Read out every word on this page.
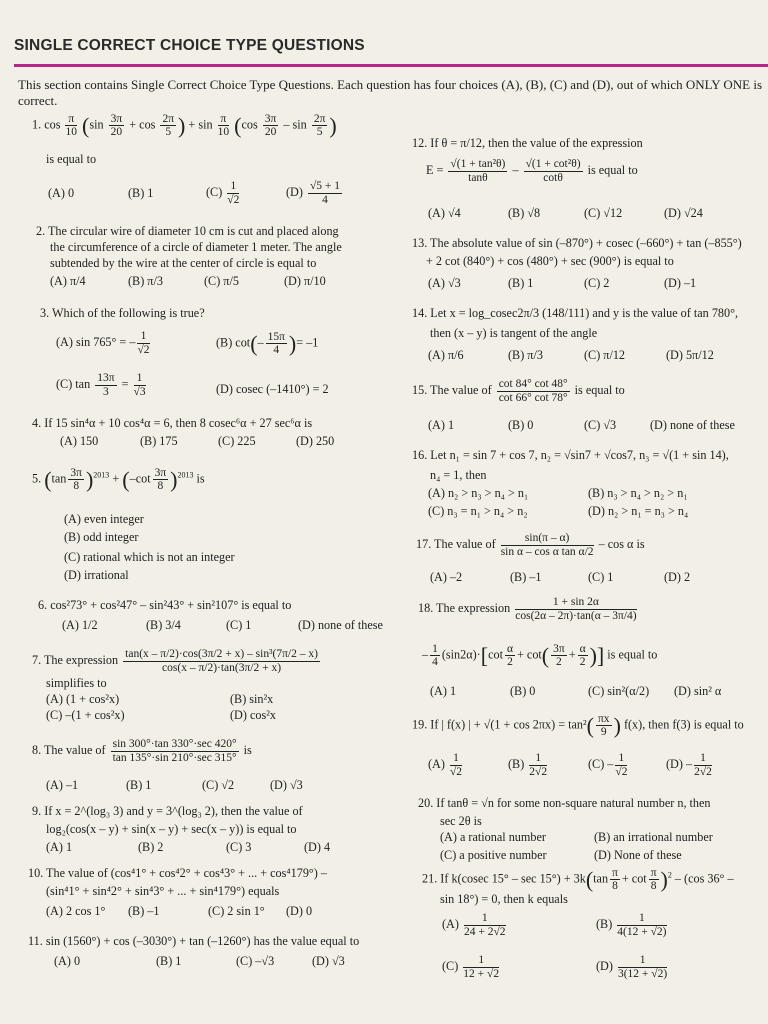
SINGLE CORRECT CHOICE TYPE QUESTIONS
This section contains Single Correct Choice Type Questions. Each question has four choices (A), (B), (C) and (D), out of which ONLY ONE is correct.
1. $\cos \frac{\pi}{10} (\sin \frac{3\pi}{20} + \cos \frac{2\pi}{5}$ ) + $\sin \frac{\pi}{10} (\cos \frac{3\pi}{20}$ – $\sin \frac{2\pi}{5}$ )
is equal to
(A) 0	(B) 1	$(C) \frac{1}{√2}$	$(D) \frac{√5 + 1}{4}$
2. The circular wire of diameter 10 cm is cut and placed along
the circumference of a circle of diameter 1 meter. The angle
subtended by the wire at the center of circle is equal to
(A) π/4	(B) π/3	(C) π/5	(D) π/10
3. Which of the following is true?
(A) sin 765° = – $\frac{1}{√2}$	(B) $\cot(- \frac{15\pi}{4}$ )= –1
(C) $\tan \frac{13\pi}{3} = \frac{1}{√3}$	(D) cosec (–1410°) = 2
4. If 15 sin⁴α + 10 cos⁴α = 6, then 8 cosec⁶α + 27 sec⁶α is
(A) 150	(B) 175	(C) 225	(D) 250
5. $(\tan \frac{3\pi}{8} )^{2013} + (-\cot \frac{3\pi}{8} )^{2013}$ is
(A) even integer
(B) odd integer
(C) rational which is not an integer
(D) irrational
6. cos²73° + cos²47° – sin²43° + sin²107° is equal to
(A) 1/2	(B) 3/4	(C) 1	(D) none of these
7. The expression $\frac{\text{tan(x – π/2)·cos(3π/2 + x) – sin³(7π/2 – x)}}{\cos(x - \pi/2)\cdot\tan(3\pi/2 + x)}$
simplifies to
(A) (1 + cos²x)	(B) sin²x
(C) –(1 + cos²x)	(D) cos²x
8. The value of $\frac{\sin 300^\circ\cdot\tan 330^\circ\cdot\sec 420^\circ}{\tan 135^\circ\cdot\sin 210^\circ\cdot\sec 315^\circ}$ is
(A) –1	(B) 1	(C) √2	(D) √3
9. If x = 2^(log₃ 3) and y = 3^(log₃ 2), then the value of
log₂(cos(x – y) + sin(x – y) + sec(x – y)) is equal to
(A) 1	(B) 2	(C) 3	(D) 4
10. The value of (cos⁴1° + cos⁴2° + cos⁴3° + ... + cos⁴179°) –
(sin⁴1° + sin⁴2° + sin⁴3° + ... + sin⁴179°) equals
(A) 2 cos 1° (B) –1	(C) 2 sin 1° (D) 0
11. sin (1560°) + cos (–3030°) + tan (–1260°) has the value equal to
(A) 0	(B) 1	(C) –√3	(D) √3
12. If θ = π/12, then the value of the expression
$E = \frac{\text{√(1 + tan²θ)}}{\tan\theta} - \frac{\text{√(1 + cot²θ)}}{\cot\theta}$ is equal to
(A) √4	(B) √8	(C) √12	(D) √24
13. The absolute value of sin (–870°) + cosec (–660°) + tan (–855°)
+ 2 cot (840°) + cos (480°) + sec (900°) is equal to
(A) √3	(B) 1	(C) 2	(D) –1
14. Let x = log_cosec2π/3 (148/111) and y is the value of tan 780°,
then (x – y) is tangent of the angle
(A) π/6	(B) π/3	(C) π/12	(D) 5π/12
15. The value of $\frac{\cot 84^\circ \cot 48^\circ}{\cot 66^\circ \cot 78^\circ}$ is equal to
(A) 1	(B) 0	(C) √3	(D) none of these
16. Let n₁ = sin 7 + cos 7, n₂ = √sin7 + √cos7, n₃ = √(1 + sin 14),
n₄ = 1, then
(A) n₂ > n₃ > n₄ > n₁	(B) n₃ > n₄ > n₂ > n₁
(C) n₃ = n₁ > n₄ > n₂	(D) n₂ > n₁ = n₃ > n₄
17. The value of $\frac{\sin(\pi - \alpha)}{\text{sin α – cos α tan α/2}}$ – cos α is
(A) –2	(B) –1	(C) 1	(D) 2
18. The expression $\frac{1 + \sin 2\alpha}{\cos(2\alpha - 2\pi)\cdot\tan(\alpha - 3\pi/4)}$
– $\frac{1}{4} (\sin 2\alpha)\cdot[\cot \frac{\alpha}{2} + \cot( \frac{3\pi}{2} + \frac{\alpha}{2}$ )] is equal to
(A) 1	(B) 0	(C) sin²(α/2) (D) sin² α
19. If | f(x) | + $√(1 + \cos 2\pi x) = \tan^2( \frac{\pi x}{9}$ ) f(x), then f(3) is equal to
$(A) \frac{1}{√2}$	$(B) \frac{1}{2√2}$	$(C) - \frac{1}{√2}$	$(D) - \frac{1}{2√2}$
20. If tanθ = √n for some non-square natural number n, then
sec 2θ is
(A) a rational number	(B) an irrational number
(C) a positive number	(D) None of these
21. If k(cosec $15^\circ - \sec 15^\circ) + 3k(\tan \frac{\pi}{8} + \cot \frac{\pi}{8} )^2 - (\cos$ 36° –
sin 18°) = 0, then k equals
$(A) \frac{1}{24 + 2√2}$	$(B) \frac{1}{4(12 + √2)}$
$(C) \frac{1}{12 + √2}$	$(D) \frac{1}{3(12 + √2)}$
